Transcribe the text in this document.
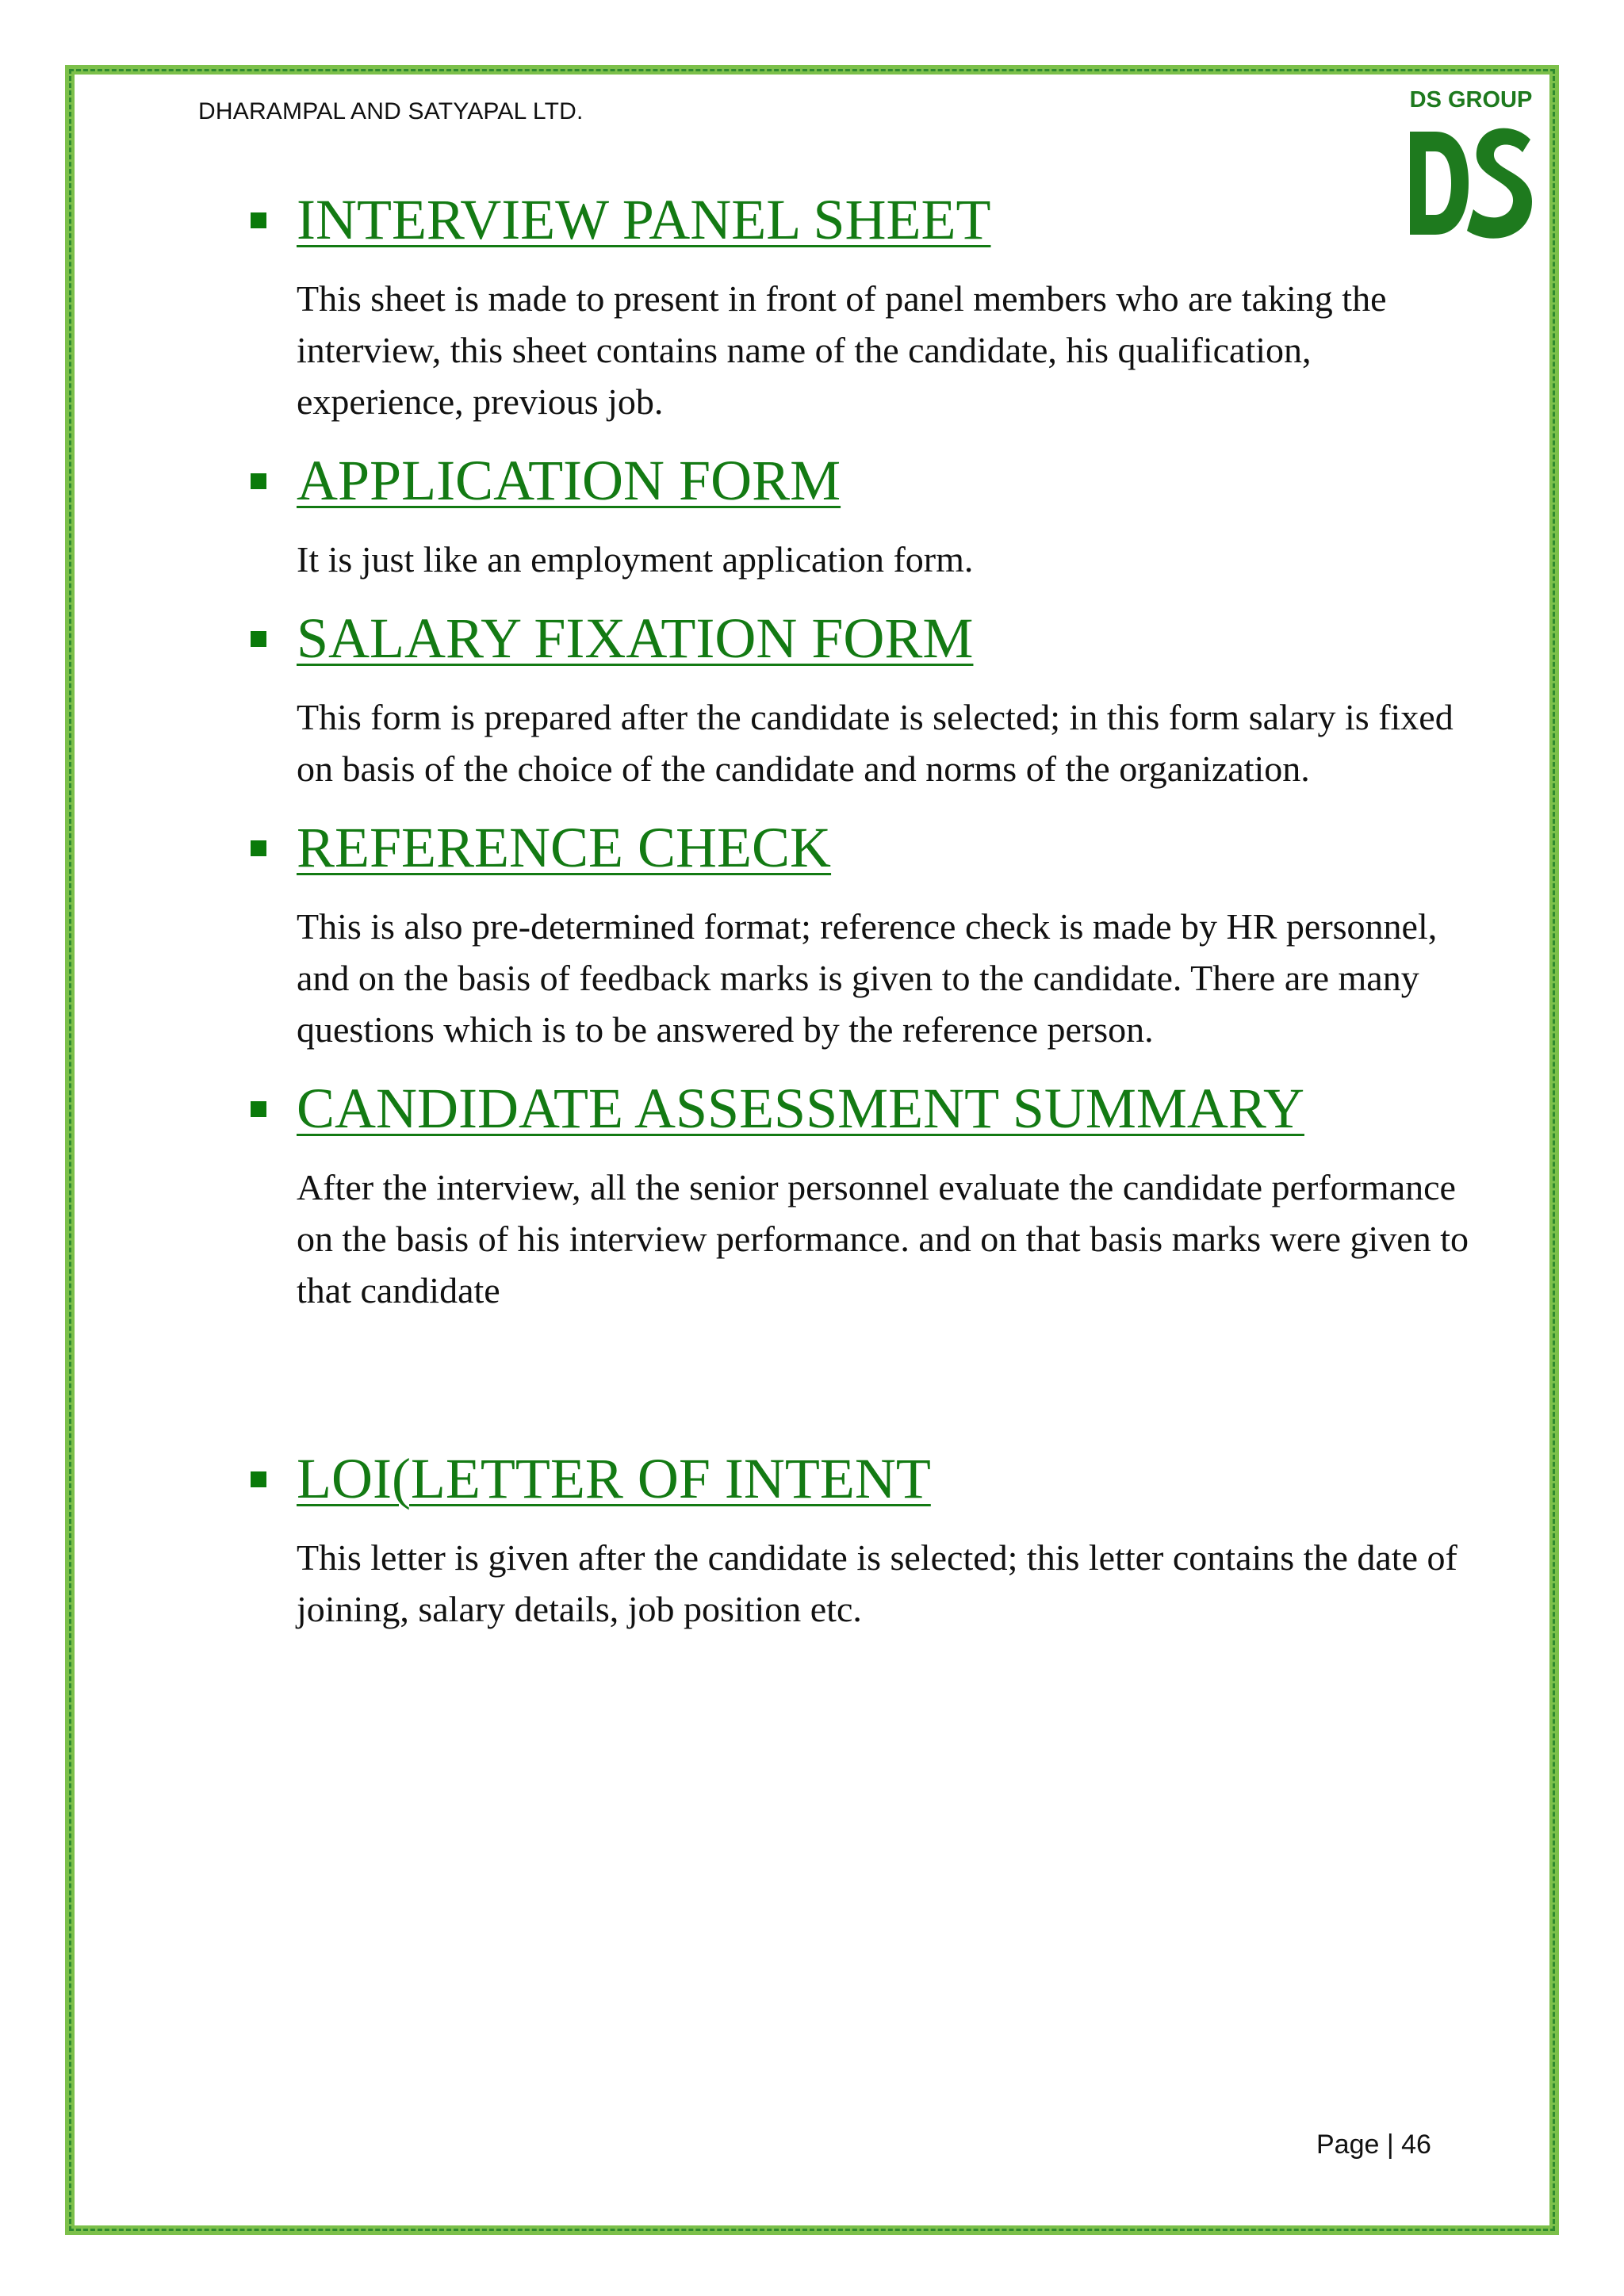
DHARAMPAL AND SATYAPAL LTD.	DS GROUP
INTERVIEW PANEL SHEET
This sheet is made to present in front of panel members who are taking the interview, this sheet contains name of the candidate, his qualification, experience, previous job.
APPLICATION FORM
It is just like an employment application form.
SALARY FIXATION FORM
This form is prepared after the candidate is selected; in this form salary is fixed on basis of the choice of the candidate and norms of the organization.
REFERENCE CHECK
This is also pre-determined format; reference check is made by HR personnel, and on the basis of feedback marks is given to the candidate. There are many questions which is to be answered by the reference person.
CANDIDATE ASSESSMENT SUMMARY
After the interview, all the senior personnel evaluate the candidate performance on the basis of his interview performance. and on that basis marks were given to that candidate
LOI(LETTER OF INTENT
This letter is given after the candidate is selected; this letter contains the date of joining, salary details, job position etc.
Page | 46
